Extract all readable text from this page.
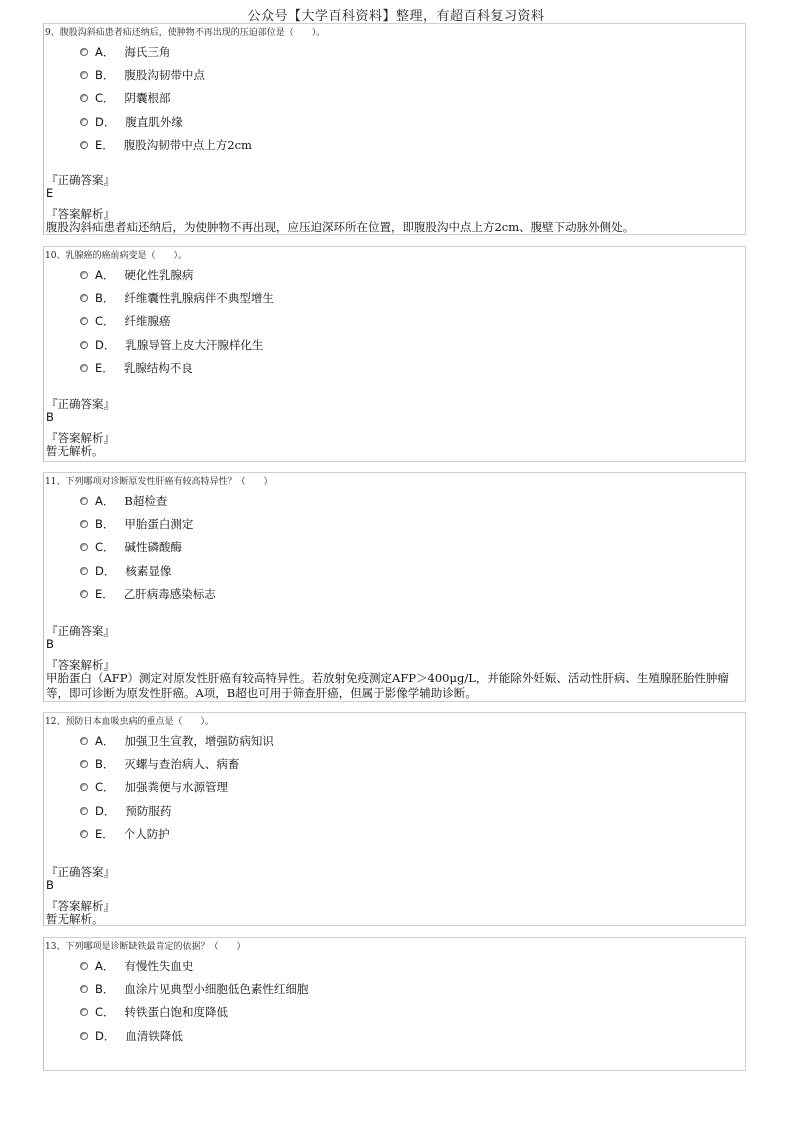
公众号【大学百科资料】整理，有超百科复习资料
9、腹股沟斜疝患者疝还纳后，使肿物不再出现的压迫部位是（　　）。
A． 海氏三角
B． 腹股沟韧带中点
C． 阴囊根部
D． 腹直肌外缘
E． 腹股沟韧带中点上方2cm
『正确答案』
E
『答案解析』
腹股沟斜疝患者疝还纳后，为使肿物不再出现，应压迫深环所在位置，即腹股沟中点上方2cm、腹壁下动脉外侧处。
10、乳腺癌的癌前病变是（　　）。
A． 硬化性乳腺病
B． 纤维囊性乳腺病伴不典型增生
C． 纤维腺癌
D． 乳腺导管上皮大汗腺样化生
E． 乳腺结构不良
『正确答案』
B
『答案解析』
暂无解析。
11、下列哪项对诊断原发性肝癌有较高特异性？（　　）
A． B超检查
B． 甲胎蛋白测定
C． 碱性磷酸酶
D． 核素显像
E． 乙肝病毒感染标志
『正确答案』
B
『答案解析』
甲胎蛋白（AFP）测定对原发性肝癌有较高特异性。若放射免疫测定AFP＞400μg/L，并能除外妊娠、活动性肝病、生殖腺胚胎性肿瘤等，即可诊断为原发性肝癌。A项，B超也可用于筛查肝癌，但属于影像学辅助诊断。
12、预防日本血吸虫病的重点是（　　）。
A． 加强卫生宣教，增强防病知识
B． 灭螺与查治病人、病畜
C． 加强粪便与水源管理
D． 预防服药
E． 个人防护
『正确答案』
B
『答案解析』
暂无解析。
13、下列哪项是诊断缺铁最肯定的依据？（　　）
A． 有慢性失血史
B． 血涂片见典型小细胞低色素性红细胞
C． 转铁蛋白饱和度降低
D． 血清铁降低
